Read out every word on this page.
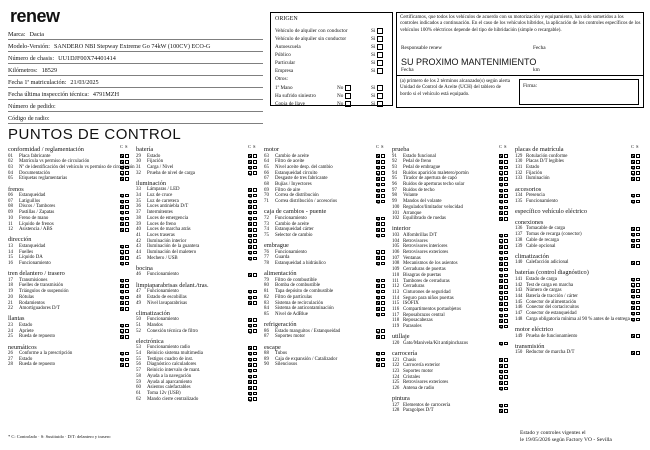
renew
Marca: Dacia
Modelo-Versión: SANDERO NBI Stepway Extreme Go 74kW (100CV) ECO-G
Número de chasis: UU1DJF00X74401414
Kilómetros: 18529
Fecha 1ª matriculación: 21/03/2025
Fecha última inspección técnica: 4791MZH
Número de pedido:
Código de radio:
ORIGEN
Vehículo de alquiler con conductor	Si
Vehículo de alquiler sin conductor	Si
Autoescuela	Si
Público	Si
Particular	Si
Empresa	Si
Otros:
1º Mano	No	Si
Ha sufrido siniestro	No	Si
Copia de llave	No	Si
Certificamos, que todos los vehículos de acuerdo con su motorización y equipamiento, han sido sometidos a los controles indicados a continuación. En el caso de los vehículos híbridos, la aplicación de los controles específicos de los vehículos 100% eléctricos depende del tipo de hibridación (simple o recargable).
Responsable renew	Fecha
SU PROXIMO MANTENIMIENTO
Fecha	km
(a) primero de los 2 términos alcanzado(s) según alerta Unidad de Control de Aceite (UCH) del tablero de bordo si el vehículo está equipado.
Firma:
PUNTOS DE CONTROL
C S
conformidad / reglamentación
01 Placa fabricante
02 Matrícula vs permiso de circulación
03 Nº de identificación del vehículo vs permiso de circulación
04 Documentación
05 Etiquetas reglamentarias
frenos
06 Estanqueidad
07 Latiguillos
08 Discos / Tambores
09 Pastillas / Zapatas
10 Freno de mano
11 Líquido de frenos
12 Asistencia / ABS
dirección
13 Estanqueidad
14 Fuelles
15 Líquido DA
16 Funcionamiento
tren delantero / trasero
17 Transmisiones
18 Fuelles de transmisión
19 Triángulos de suspensión
20 Rótulas
21 Rodamientos
22 Amortiguadores D/T
llantas
23 Estado
24 Apriete
25 Rueda de repuesto
neumáticos
26 Conforme a la prescripción
27 Estado
28 Rueda de repuesto
C S
batería
29 Estado
30 Fijación
31 Carga / Nivel
32 Prueba de nivel de carga
iluminación
33 Lámparas / LED
34 Luz de cruce
35 Luz de carretera
36 Luces antiniebla D/T
37 Intermitentes
38 Luces de emergencia
39 Luces de freno
40 Luces de marcha atrás
41 Luces traseras
42 Iluminación interior
43 Iluminación de la guantera
44 Iluminación del maletero
45 Mechero / USB
bocina
46 Funcionamiento
limpiaparabrisas delant./tras.
47 Funcionamiento
48 Estado de escobillas
49 Nivel lavaparabrisas
climatización
50 Funcionamiento
51 Mandos
52 Conexión técnica de filtro
electrónica
53 Funcionamiento radio
54 Reinicio sistema multimedia
55 Testigos cuadro de inst.
56 Diagnóstico calculadores
57 Reinicio intervalo de mant.
58 Ayuda a la navegación
59 Ayuda al aparcamiento
60 Asientos calefactables
61 Toma 12v (USB)
62 Mando cierre centralizado
C S
motor
63 Cambio de aceite
64 Filtro de aceite
65 Nivel aceite desp. del cambio
66 Estanqueidad circuito
67 Desgaste de tres fabricante
68 Bujías / Inyectores
69 Filtro de aire
70 Correa de distribución
71 Correa distribución / accesorios
caja de cambios - puente
72 Funcionamiento
73 Cambio de aceite
74 Estanqueidad cárter
75 Selector de cambio
embrague
76 Funcionamiento
77 Guarda
78 Estanqueidad a hidráulico
alimentación
79 Filtro de combustible
80 Bomba de combustible
81 Tapa depósito de combustible
82 Filtro de partículas
83 Sistema de recirculación
84 Sistema de anticontaminación
85 Nivel de AdBlue
refrigeración
86 Estado manguitos / Estanqueidad
87 Soportes motor
escape
88 Tubos
89 Caja de expansión / Catalizador
90 Silenciosos
C S
prueba
91 Estado funcional
92 Pedal de freno
93 Pedal de embrague
94 Ruidos aparición maletero/portón
95 Tirador de apertura de capó
96 Ruidos de aperturas techo solar
97 Ruidos de techo
98 Volante
99 Mandos del volante
100 Regulador/limitador velocidad
101 Arranque
102 Equilibrado de ruedas
interior
103 Alfombrillas D/T
104 Retrovisores
105 Retrovisores interiores
106 Retrovisores exteriores
107 Ventanas
108 Mecanismos de los asientos
109 Cerraduras de puertas
110 Bisagras de puertas
111 Tambores de cerraduras
112 Cerraduras
113 Cinturones de seguridad
114 Seguro para niños puertas
115 ISOFIX
116 Compartimentos portaobjetos
117 Reposabrazos central
118 Reposacabezas
119 Parasoles
utillaje
120 Gato/Manivela/Kit antipinchazos
carrocería
121 Chasis
122 Carrocería exterior
123 Soportes motor
124 Cristales
125 Retrovisores exteriores
126 Antena de radio
pintura
127 Elementos de carrocería
128 Paragolpes D/T
C S
placas de matrícula
129 Rotulación conforme
130 Placas D/T legibles
131 Estado
132 Fijación
133 Iluminación
accesorios
134 Presencia
135 Funcionamiento
específico vehículo eléctrico
conexiones
136 Tomacable de carga
137 Tomas de recarga (conector)
138 Cable de recarga
139 Cable opcional
climatización
140 Calefacción adicional
baterías (control diagnóstico)
141 Estado de carga
142 Test de carga en marcha
143 Número de cargas
144 Batería de tracción / cárter
145 Conector de alimentación
146 Conector del cortacircuitos
147 Conector de estanqueidad
148 Carga obligatoria mínima al 90 % antes de la entrega
motor eléctrico
149 Prueba de funcionamiento
transmisión
150 Reductor de marcha D/T
* C: Controlado · S: Sustituido · D/T: delantero y trasero
Estado y controles vigentes el
le 19/05/2026 según Factory VO - Sevilla
